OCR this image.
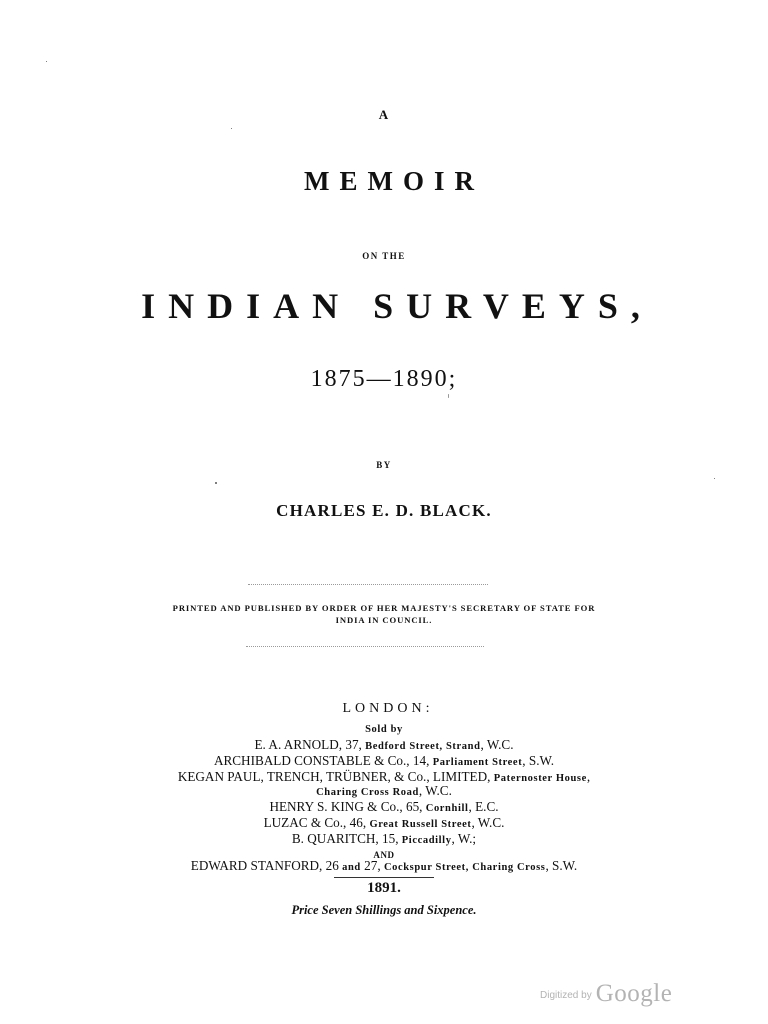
A
MEMOIR
ON THE
INDIAN SURVEYS,
1875—1890;
BY
CHARLES E. D. BLACK.
PRINTED AND PUBLISHED BY ORDER OF HER MAJESTY'S SECRETARY OF STATE FOR
INDIA IN COUNCIL.
LONDON:
Sold by
E. A. ARNOLD, 37, Bedford Street, Strand, W.C.
ARCHIBALD CONSTABLE & Co., 14, Parliament Street, S.W.
KEGAN PAUL, TRENCH, TRÜBNER, & Co., LIMITED, Paternoster House,
Charing Cross Road, W.C.
HENRY S. KING & Co., 65, Cornhill, E.C.
LUZAC & Co., 46, Great Russell Street, W.C.
B. QUARITCH, 15, Piccadilly, W.;
AND
EDWARD STANFORD, 26 and 27, Cockspur Street, Charing Cross, S.W.
1891.
Price Seven Shillings and Sixpence.
Digitized by Google
